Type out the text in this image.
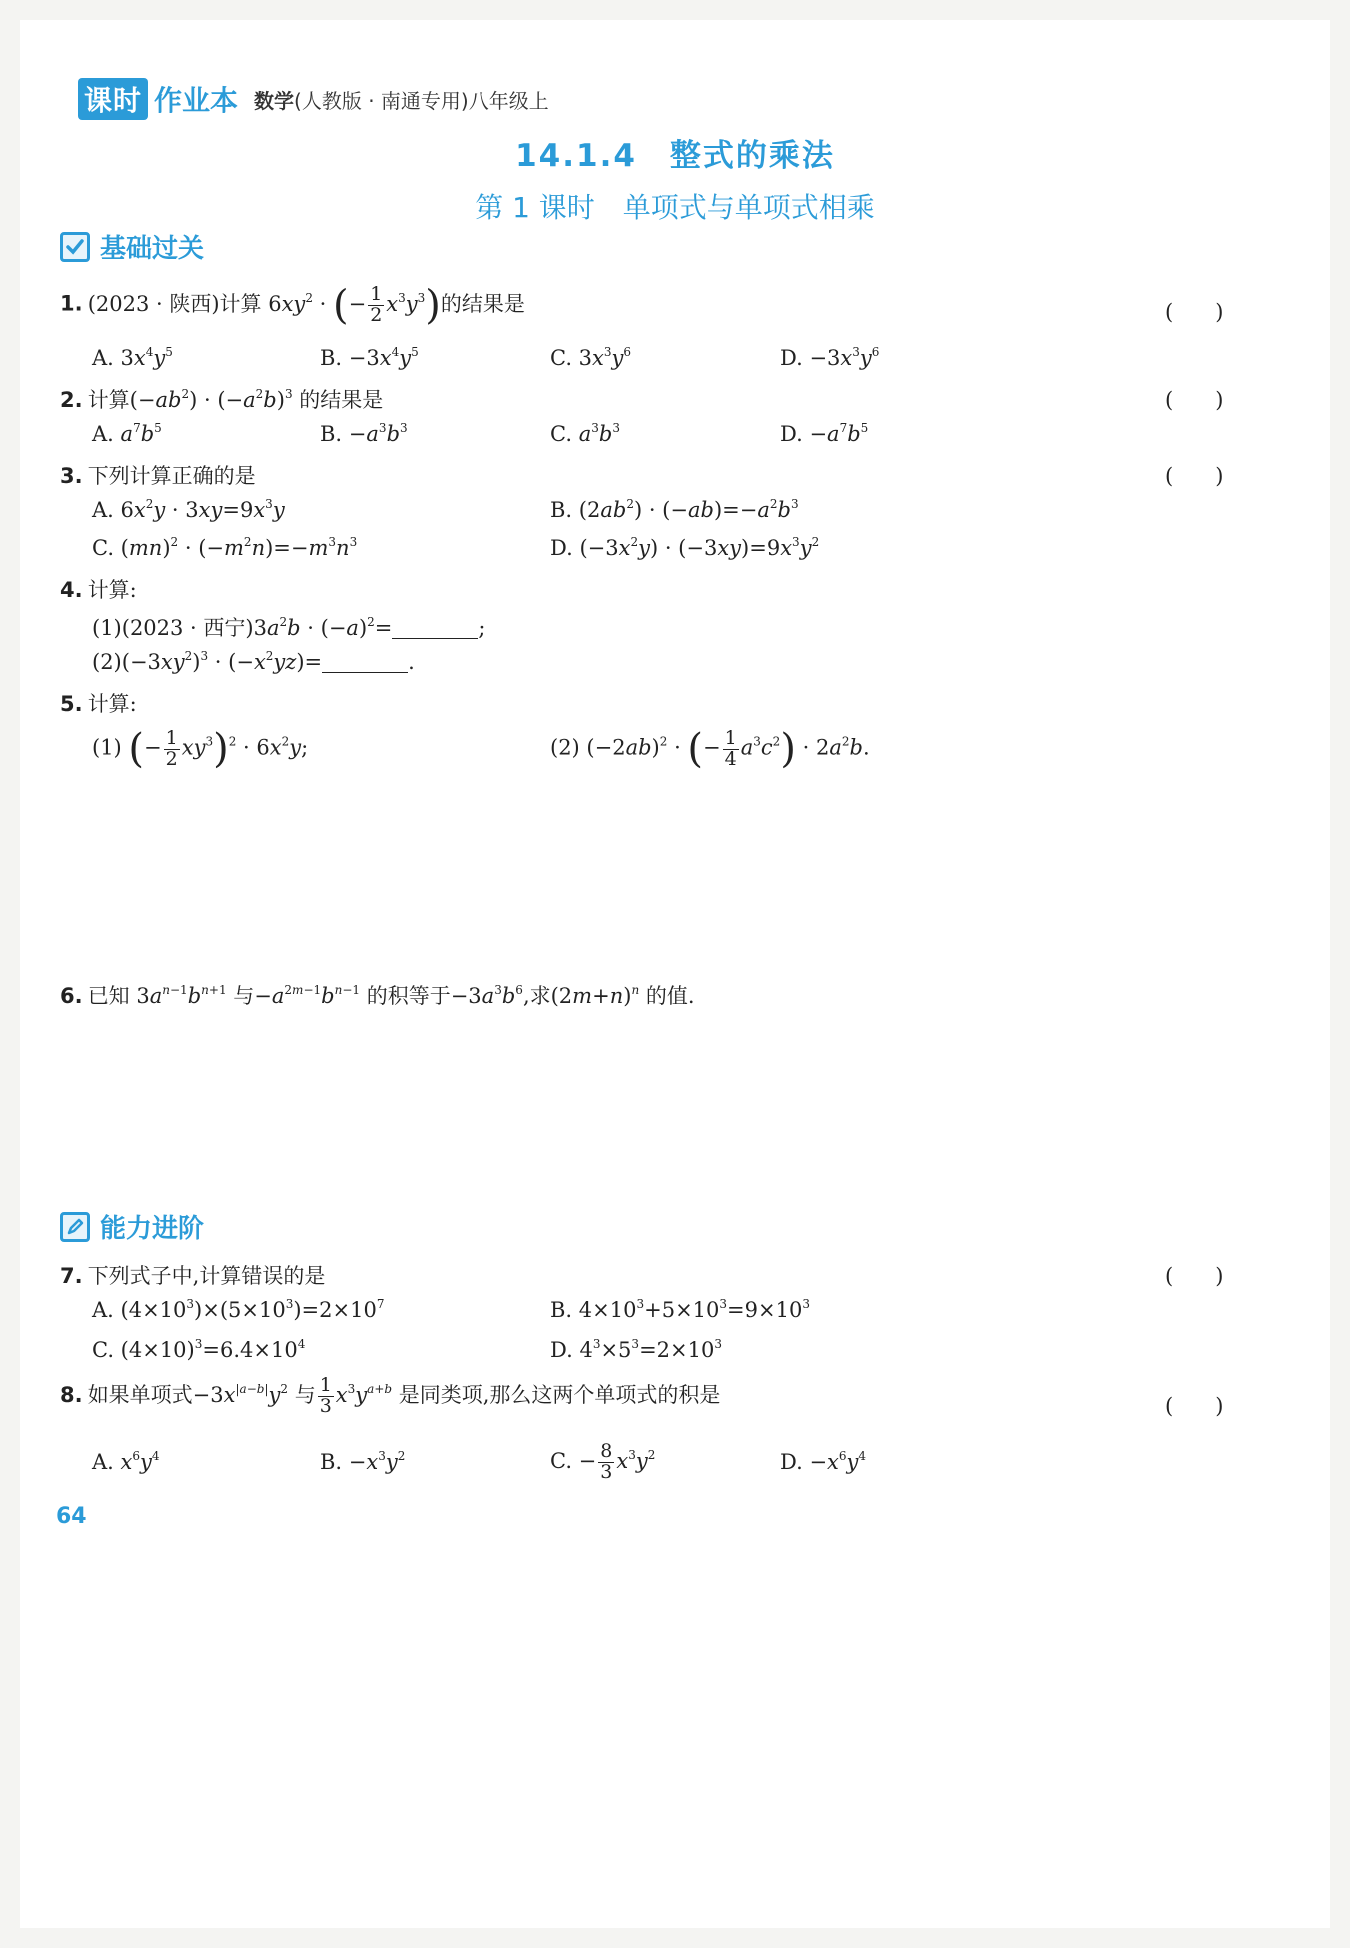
课时 作业本 数学(人教版 · 南通专用)八年级上
14.1.4　整式的乘法
第 1 课时　单项式与单项式相乘
基础过关
1. (2023 · 陕西)计算 $6xy^2$ · (− $\frac{1}{2} x^3y^3$)的结果是	(　　)
A. $3x^4y^5$	B. $-3x^4y^5$	C. $3x^3y^6$	D. $-3x^3y^6$
2. 计算$(-ab^2) \cdot (-a^2b)^3$ 的结果是	(　　)
A. $a^7b^5$	B. $-a^3b^3$	C. $a^3b^3$	D. $-a^7b^5$
3. 下列计算正确的是	(　　)
A. $6x^2y \cdot 3xy=9x^3y$	B. $(2ab^2) \cdot (-ab)=-a^2b^3$
C. $(mn)^2 \cdot (-m^2n)=-m^3n^3$	D. $(-3x^2y) \cdot (-3xy)=9x^3y^2$
4. 计算:
(1)(2023 · 西宁)$3a^2b \cdot (-a)^2=$	;
$(2)(-3xy^2)^3 \cdot (-x^2yz)=$	.
5. 计算:
(1) (− $\frac{1}{2} xy^3)^2 \cdot 6x^2y$;	(2) $(-2ab)^2$ · (− $\frac{1}{4} a^3c^2) \cdot 2a^2b$.
6. 已知 $3a^{n-1}b^{n+1}$ 与$-a^{2m-1}b^{n-1}$ 的积等于$-3a^3b^6$,求$(2m+n)^n$ 的值.
能力进阶
7. 下列式子中,计算错误的是	(　　)
A. $(4\times 10^3)\times(5\times 10^3)=2\times 10^7$	B. $4\times 10^3+5\times 10^3=9\times 10^3$
C. $(4\times 10)^3=6.4\times 10^4$	D. $4^3\times 5^3=2\times 10^3$
8. 如果单项式$-3x^{|a-b|}y^2$ 与 $\frac{1}{3} x^3y^{a+b}$ 是同类项,那么这两个单项式的积是	(　　)
A. $x^6y^4$	B. $-x^3y^2$	C. − $\frac{8}{3} x^3y^2$	D. $-x^6y^4$
64
